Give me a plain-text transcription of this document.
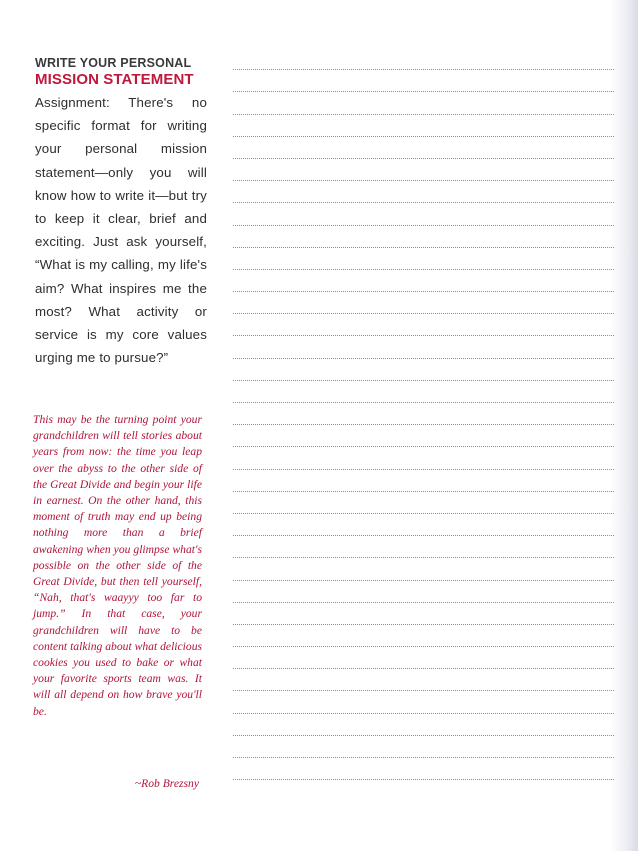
WRITE YOUR PERSONAL
MISSION STATEMENT

Assignment: There's no specific format for writing your personal mission statement—only you will know how to write it—but try to keep it clear, brief and exciting. Just ask yourself, “What is my calling, my life's aim? What inspires me the most? What activity or service is my core values urging me to pursue?”

This may be the turning point your grandchildren will tell stories about years from now: the time you leap over the abyss to the other side of the Great Divide and begin your life in earnest. On the other hand, this moment of truth may end up being nothing more than a brief awakening when you glimpse what's possible on the other side of the Great Divide, but then tell yourself, “Nah, that's waayyy too far to jump.” In that case, your grandchildren will have to be content talking about what delicious cookies you used to bake or what your favorite sports team was. It will all depend on how brave you'll be.

~Rob Brezsny
